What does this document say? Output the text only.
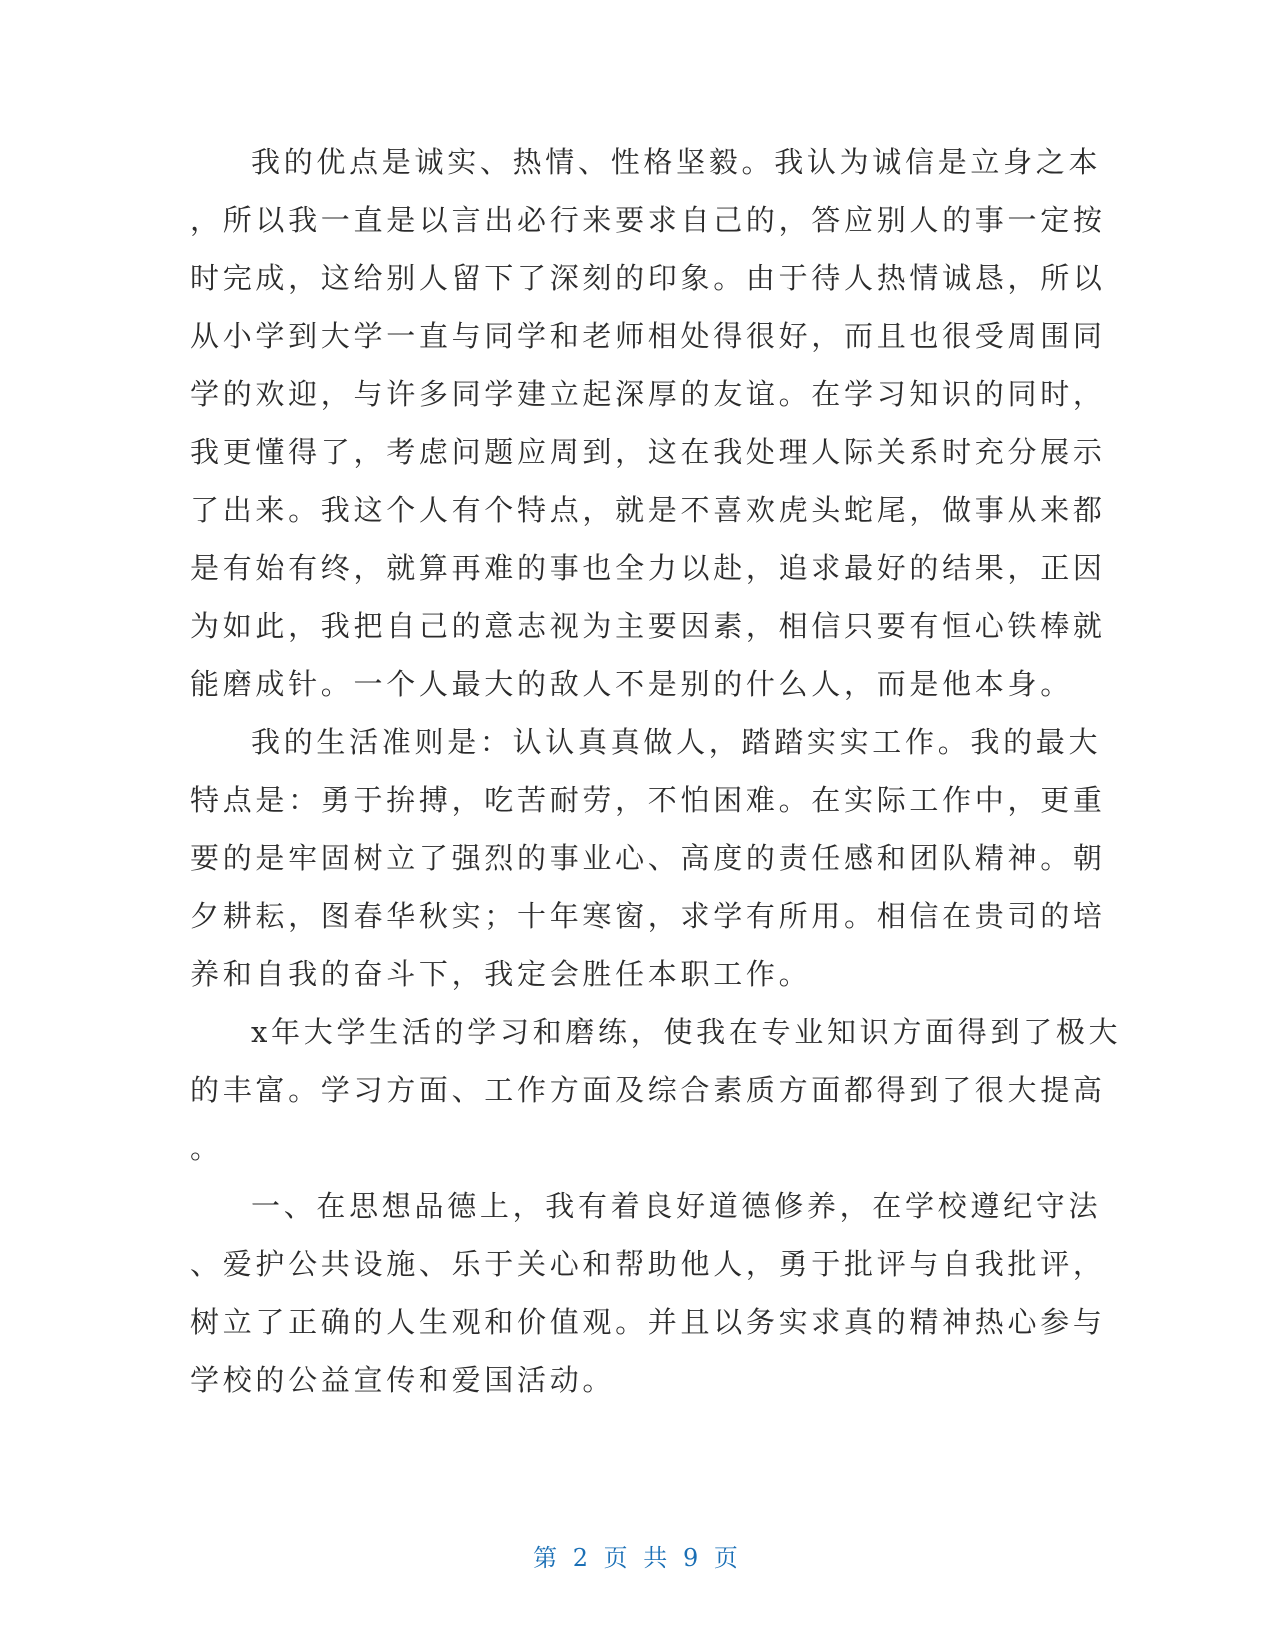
我的优点是诚实、热情、性格坚毅。我认为诚信是立身之本
，所以我一直是以言出必行来要求自己的，答应别人的事一定按
时完成，这给别人留下了深刻的印象。由于待人热情诚恳，所以
从小学到大学一直与同学和老师相处得很好，而且也很受周围同
学的欢迎，与许多同学建立起深厚的友谊。在学习知识的同时，
我更懂得了，考虑问题应周到，这在我处理人际关系时充分展示
了出来。我这个人有个特点，就是不喜欢虎头蛇尾，做事从来都
是有始有终，就算再难的事也全力以赴，追求最好的结果，正因
为如此，我把自己的意志视为主要因素，相信只要有恒心铁棒就
能磨成针。一个人最大的敌人不是别的什么人，而是他本身。
我的生活准则是：认认真真做人，踏踏实实工作。我的最大
特点是：勇于拚搏，吃苦耐劳，不怕困难。在实际工作中，更重
要的是牢固树立了强烈的事业心、高度的责任感和团队精神。朝
夕耕耘，图春华秋实；十年寒窗，求学有所用。相信在贵司的培
养和自我的奋斗下，我定会胜任本职工作。
x年大学生活的学习和磨练，使我在专业知识方面得到了极大
的丰富。学习方面、工作方面及综合素质方面都得到了很大提高
。
一、在思想品德上，我有着良好道德修养，在学校遵纪守法
、爱护公共设施、乐于关心和帮助他人，勇于批评与自我批评，
树立了正确的人生观和价值观。并且以务实求真的精神热心参与
学校的公益宣传和爱国活动。
第 2 页 共 9 页
